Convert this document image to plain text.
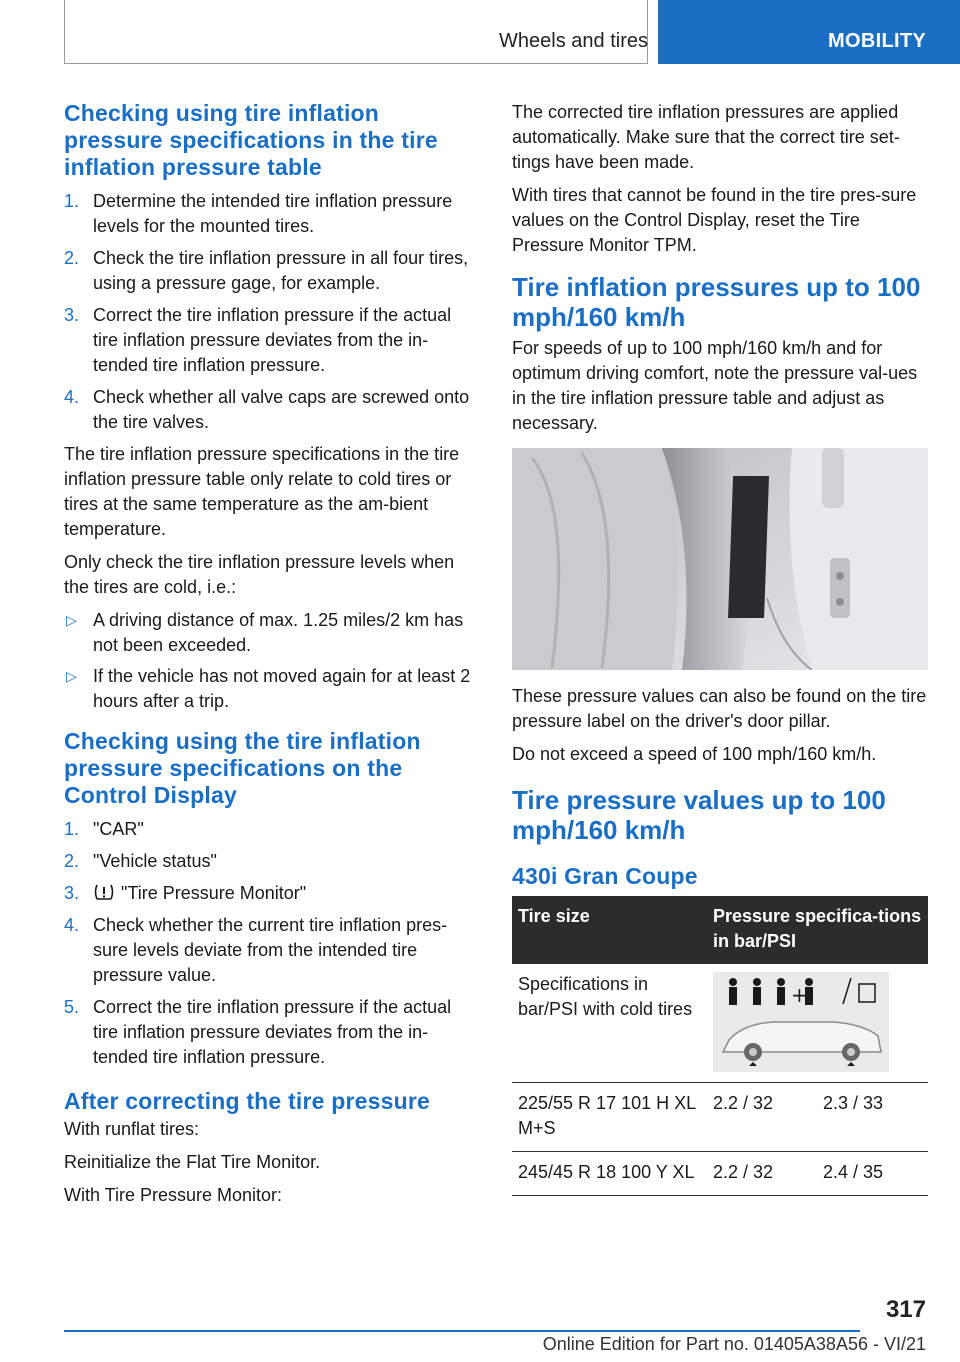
Wheels and tires	MOBILITY
Checking using tire inflation pressure specifications in the tire inflation pressure table
1. Determine the intended tire inflation pressure levels for the mounted tires.
2. Check the tire inflation pressure in all four tires, using a pressure gage, for example.
3. Correct the tire inflation pressure if the actual tire inflation pressure deviates from the in‐tended tire inflation pressure.
4. Check whether all valve caps are screwed onto the tire valves.

The tire inflation pressure specifications in the tire inflation pressure table only relate to cold tires or tires at the same temperature as the am‐bient temperature.

Only check the tire inflation pressure levels when the tires are cold, i.e.:

▷ A driving distance of max. 1.25 miles/2 km has not been exceeded.
▷ If the vehicle has not moved again for at least 2 hours after a trip.
Checking using the tire inflation pressure specifications on the Control Display
1. "CAR"
2. "Vehicle status"
3. "Tire Pressure Monitor"
4. Check whether the current tire inflation pres‐sure levels deviate from the intended tire pressure value.
5. Correct the tire inflation pressure if the actual tire inflation pressure deviates from the in‐tended tire inflation pressure.
After correcting the tire pressure

With runflat tires:

Reinitialize the Flat Tire Monitor.

With Tire Pressure Monitor:

The corrected tire inflation pressures are applied automatically. Make sure that the correct tire set‐tings have been made.

With tires that cannot be found in the tire pres‐sure values on the Control Display, reset the Tire Pressure Monitor TPM.

Tire inflation pressures up to 100 mph/160 km/h

For speeds of up to 100 mph/160 km/h and for optimum driving comfort, note the pressure val‐ues in the tire inflation pressure table and adjust as necessary.

These pressure values can also be found on the tire pressure label on the driver's door pillar.

Do not exceed a speed of 100 mph/160 km/h.

Tire pressure values up to 100 mph/160 km/h
430i Gran Coupe
Tire size	Pressure specifica‐tions in bar/PSI	
Specifications in bar/PSI with cold tires	+	

225/55 R 17 101 H XL M+S	2.2 / 32	2.3 / 33
245/45 R 18 100 Y XL	2.2 / 32	2.4 / 35
317
Online Edition for Part no. 01405A38A56 - VI/21
